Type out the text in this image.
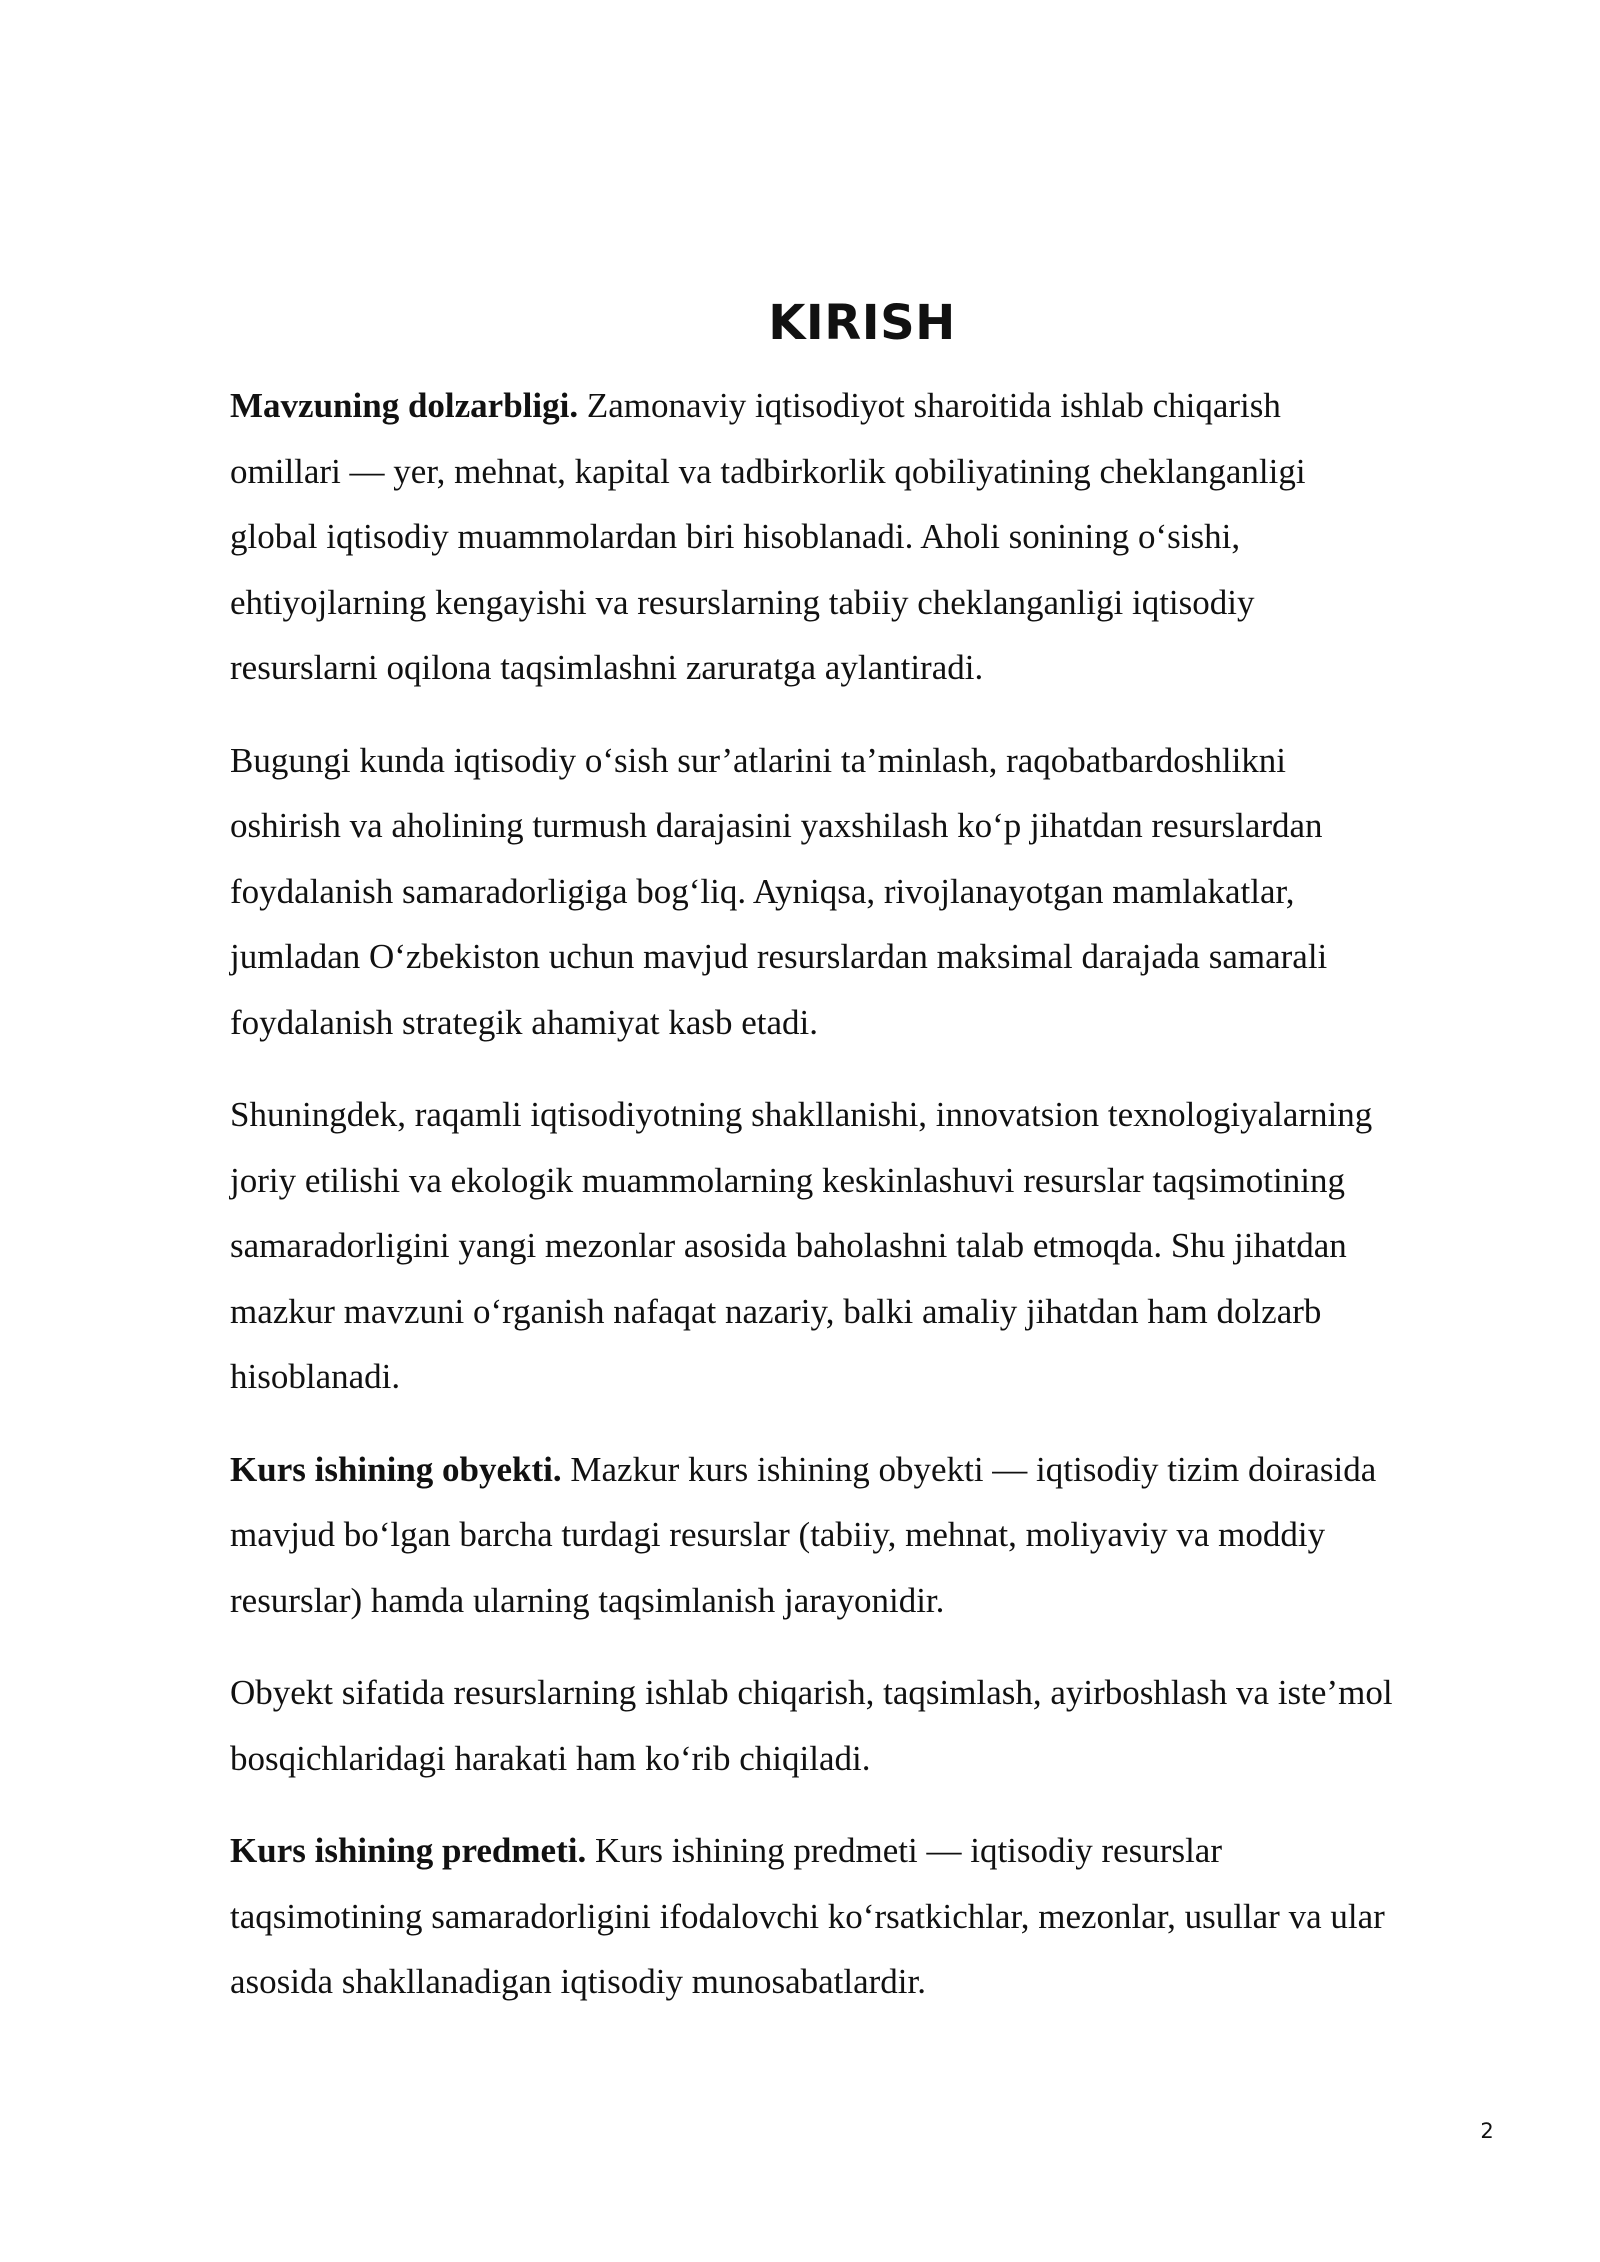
KIRISH
Mavzuning dolzarbligi. Zamonaviy iqtisodiyot sharoitida ishlab chiqarish
omillari — yer, mehnat, kapital va tadbirkorlik qobiliyatining cheklanganligi
global iqtisodiy muammolardan biri hisoblanadi. Aholi sonining o‘sishi,
ehtiyojlarning kengayishi va resurslarning tabiiy cheklanganligi iqtisodiy
resurslarni oqilona taqsimlashni zaruratga aylantiradi.
Bugungi kunda iqtisodiy o‘sish sur’atlarini ta’minlash, raqobatbardoshlikni
oshirish va aholining turmush darajasini yaxshilash ko‘p jihatdan resurslardan
foydalanish samaradorligiga bog‘liq. Ayniqsa, rivojlanayotgan mamlakatlar,
jumladan O‘zbekiston uchun mavjud resurslardan maksimal darajada samarali
foydalanish strategik ahamiyat kasb etadi.
Shuningdek, raqamli iqtisodiyotning shakllanishi, innovatsion texnologiyalarning
joriy etilishi va ekologik muammolarning keskinlashuvi resurslar taqsimotining
samaradorligini yangi mezonlar asosida baholashni talab etmoqda. Shu jihatdan
mazkur mavzuni o‘rganish nafaqat nazariy, balki amaliy jihatdan ham dolzarb
hisoblanadi.
Kurs ishining obyekti. Mazkur kurs ishining obyekti — iqtisodiy tizim doirasida
mavjud bo‘lgan barcha turdagi resurslar (tabiiy, mehnat, moliyaviy va moddiy
resurslar) hamda ularning taqsimlanish jarayonidir.
Obyekt sifatida resurslarning ishlab chiqarish, taqsimlash, ayirboshlash va iste’mol
bosqichlaridagi harakati ham ko‘rib chiqiladi.
Kurs ishining predmeti. Kurs ishining predmeti — iqtisodiy resurslar
taqsimotining samaradorligini ifodalovchi ko‘rsatkichlar, mezonlar, usullar va ular
asosida shakllanadigan iqtisodiy munosabatlardir.
2
